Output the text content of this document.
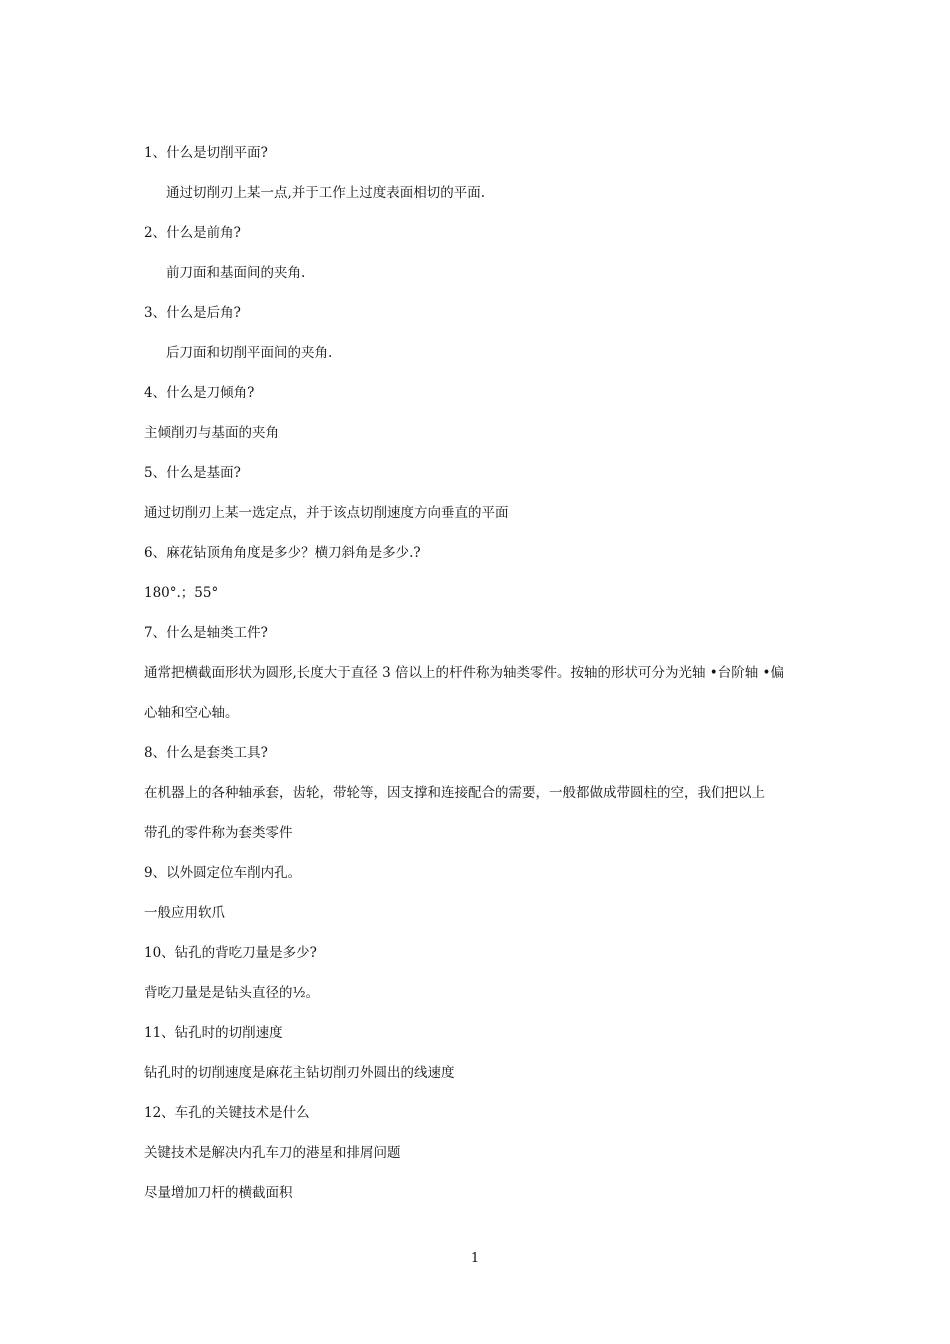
1、什么是切削平面?
通过切削刃上某一点,并于工作上过度表面相切的平面.
2、什么是前角?
前刀面和基面间的夹角.
3、什么是后角?
后刀面和切削平面间的夹角.
4、什么是刀倾角?
主倾削刃与基面的夹角
5、什么是基面?
通过切削刃上某一选定点，并于该点切削速度方向垂直的平面
6、麻花钻顶角角度是多少？横刀斜角是多少.?
180°.；55°
7、什么是轴类工件?
通常把横截面形状为圆形,长度大于直径 3 倍以上的杆件称为轴类零件。按轴的形状可分为光轴 •台阶轴 •偏
心轴和空心轴。
8、什么是套类工具?
在机器上的各种轴承套，齿轮，带轮等，因支撑和连接配合的需要，一般都做成带圆柱的空，我们把以上
带孔的零件称为套类零件
9、以外圆定位车削内孔。
一般应用软爪
10、钻孔的背吃刀量是多少?
背吃刀量是是钻头直径的½。
11、钻孔时的切削速度
钻孔时的切削速度是麻花主钻切削刃外圆出的线速度
12、车孔的关键技术是什么
关键技术是解决内孔车刀的港星和排屑问题
尽量增加刀杆的横截面积
1
